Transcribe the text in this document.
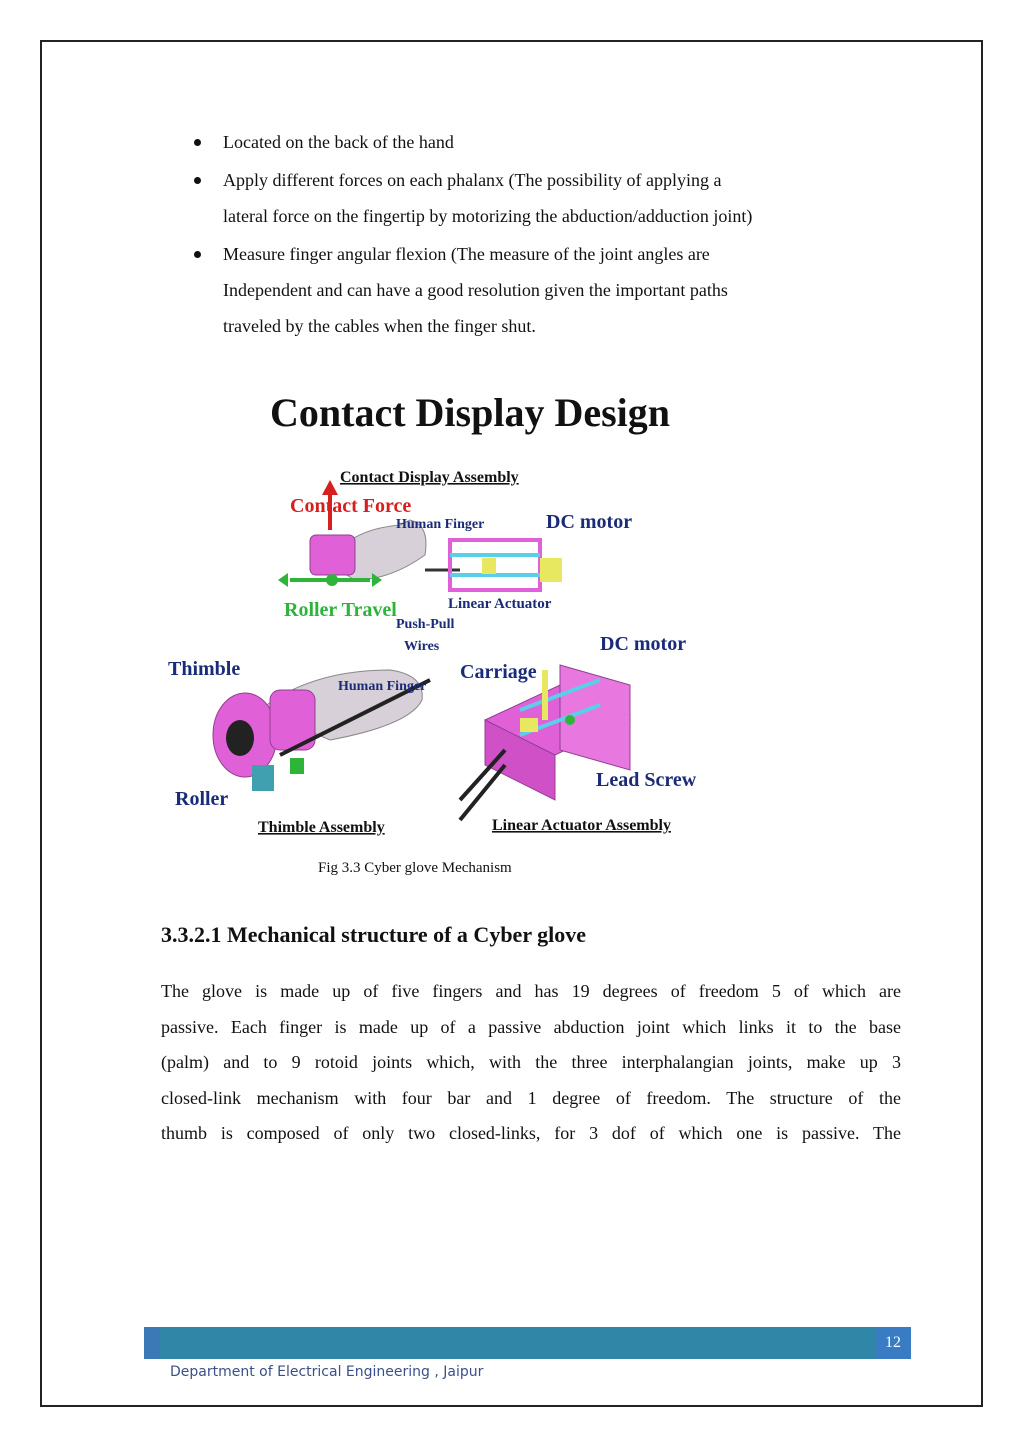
Located on the back of the hand
Apply different forces on each phalanx (The possibility of applying a
lateral force on the fingertip by motorizing the abduction/adduction joint)
Measure finger angular flexion (The measure of the joint angles are
Independent and can have a good resolution given the important paths
traveled by the cables when the finger shut.
Contact Display Design
Contact Display Assembly
Contact Force
Human Finger	DC motor
Roller Travel	Linear Actuator
Push-Pull
Wires
Thimble
Human Finger
Roller
Thimble Assembly
Carriage
DC motor
Lead Screw
Linear Actuator Assembly
Fig 3.3 Cyber glove Mechanism
3.3.2.1 Mechanical structure of a Cyber glove

The glove is made up of five fingers and has 19 degrees of freedom 5 of which are
passive. Each finger is made up of a passive abduction joint which links it to the base
(palm) and to 9 rotoid joints which, with the three interphalangian joints, make up 3
closed-link mechanism with four bar and 1 degree of freedom. The structure of the
thumb is composed of only two closed-links, for 3 dof of which one is passive. The

12
Department of Electrical Engineering , Jaipur
